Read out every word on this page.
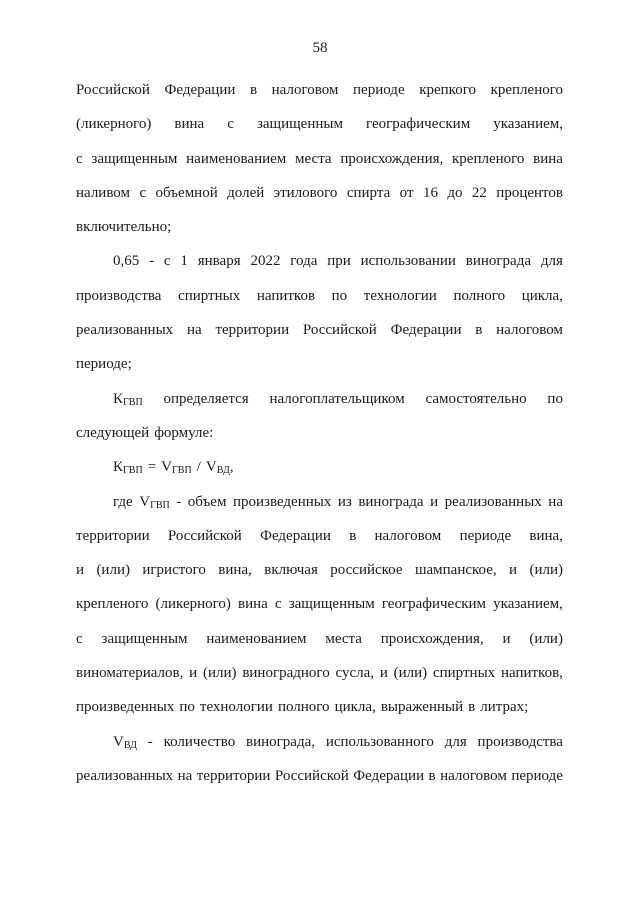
58
Российской Федерации в налоговом периоде крепкого крепленого
(ликерного) вина с защищенным географическим указанием,
с защищенным наименованием места происхождения, крепленого вина
наливом с объемной долей этилового спирта от 16 до 22 процентов
включительно;
0,65 - с 1 января 2022 года при использовании винограда для
производства спиртных напитков по технологии полного цикла,
реализованных на территории Российской Федерации в налоговом
периоде;
$К_{ГВП}$ определяется налогоплательщиком самостоятельно по
следующей формуле:
$К_{ГВП} = V_{ГВП} / V_{ВД}$,
где $V_{ГВП}$ - объем произведенных из винограда и реализованных на
территории Российской Федерации в налоговом периоде вина,
и (или) игристого вина, включая российское шампанское, и (или)
крепленого (ликерного) вина с защищенным географическим указанием,
с защищенным наименованием места происхождения, и (или)
виноматериалов, и (или) виноградного сусла, и (или) спиртных напитков,
произведенных по технологии полного цикла, выраженный в литрах;
$V_{ВД}$ - количество винограда, использованного для производства
реализованных на территории Российской Федерации в налоговом периоде
